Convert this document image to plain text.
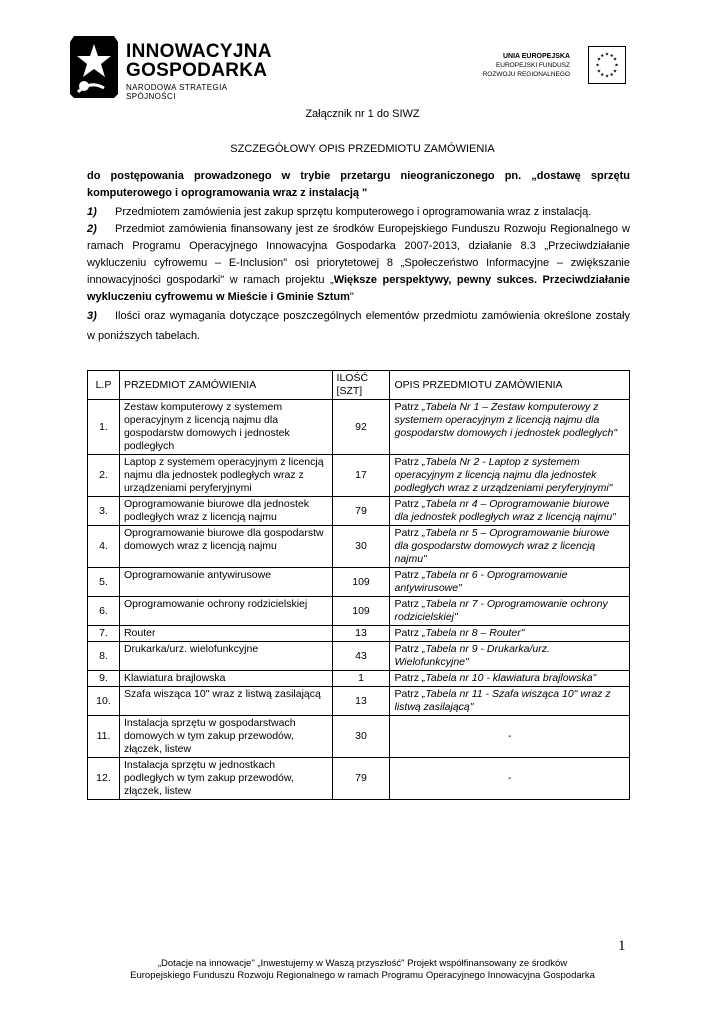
INNOWACYJNA
GOSPODARKA
NARODOWA STRATEGIA SPÓJNOŚCI
UNIA EUROPEJSKA
EUROPEJSKI FUNDUSZ
ROZWOJU REGIONALNEGO
★ ★
★
★
★
★
★
★
★
★
★
★
Załącznik nr 1 do SIWZ
SZCZEGÓŁOWY OPIS PRZEDMIOTU ZAMÓWIENIA
do postępowania prowadzonego w trybie przetargu nieograniczonego pn. „dostawę sprzętu komputerowego i oprogramowania wraz z instalacją "
1) Przedmiotem zamówienia jest zakup sprzętu komputerowego i oprogramowania wraz z instalacją.
2) Przedmiot zamówienia finansowany jest ze środków Europejskiego Funduszu Rozwoju Regionalnego w ramach Programu Operacyjnego Innowacyjna Gospodarka 2007-2013, działanie 8.3 „Przeciwdziałanie wykluczeniu cyfrowemu – E-Inclusion" osi priorytetowej 8 „Społeczeństwo Informacyjne – zwiększanie innowacyjności gospodarki" w ramach projektu „Większe perspektywy, pewny sukces. Przeciwdziałanie wykluczeniu cyfrowemu w Mieście i Gminie Sztum"
3) Ilości oraz wymagania dotyczące poszczególnych elementów przedmiotu zamówienia określone zostały w poniższych tabelach.
L.P	PRZEDMIOT ZAMÓWIENIA	ILOŚĆ [SZT]	OPIS PRZEDMIOTU ZAMÓWIENIA
1.	Zestaw komputerowy z systemem operacyjnym z licencją najmu dla gospodarstw domowych i jednostek podległych	92	Patrz „Tabela Nr 1 – Zestaw komputerowy z systemem operacyjnym z licencją najmu dla gospodarstw domowych i jednostek podległych"
2.	Laptop z systemem operacyjnym z licencją najmu dla jednostek podległych wraz z urządzeniami peryferyjnymi	17	Patrz „Tabela Nr 2 - Laptop z systemem operacyjnym z licencją najmu dla jednostek podległych wraz z urządzeniami peryferyjnymi"
3.	Oprogramowanie biurowe dla jednostek podległych wraz z licencją najmu	79	Patrz „Tabela nr 4 – Oprogramowanie biurowe dla jednostek podległych wraz z licencją najmu"
4.	Oprogramowanie biurowe dla gospodarstw domowych wraz z licencją najmu	30	Patrz „Tabela nr 5 – Oprogramowanie biurowe dla gospodarstw domowych wraz z licencją najmu"
5.	Oprogramowanie antywirusowe	109	Patrz „Tabela nr 6 - Oprogramowanie antywirusowe"
6.	Oprogramowanie ochrony rodzicielskiej	109	Patrz „Tabela nr 7 - Oprogramowanie ochrony rodzicielskiej"
7.	Router	13	Patrz „Tabela nr 8 – Router"
8.	Drukarka/urz. wielofunkcyjne	43	Patrz „Tabela nr 9 - Drukarka/urz. Wielofunkcyjne"
9.	Klawiatura brajlowska	1	Patrz „Tabela nr 10 - klawiatura brajlowska"
10.	Szafa wisząca 10" wraz z listwą zasilającą	13	Patrz „Tabela nr 11 - Szafa wisząca 10" wraz z listwą zasilającą"
11.	Instalacja sprzętu w gospodarstwach domowych w tym zakup przewodów, złączek, listew	30	-
12.	Instalacja sprzętu w jednostkach podległych w tym zakup przewodów, złączek, listew	79	-
1
„Dotacje na innowacje" „Inwestujemy w Waszą przyszłość" Projekt współfinansowany ze środków
Europejskiego Funduszu Rozwoju Regionalnego w ramach Programu Operacyjnego Innowacyjna Gospodarka
